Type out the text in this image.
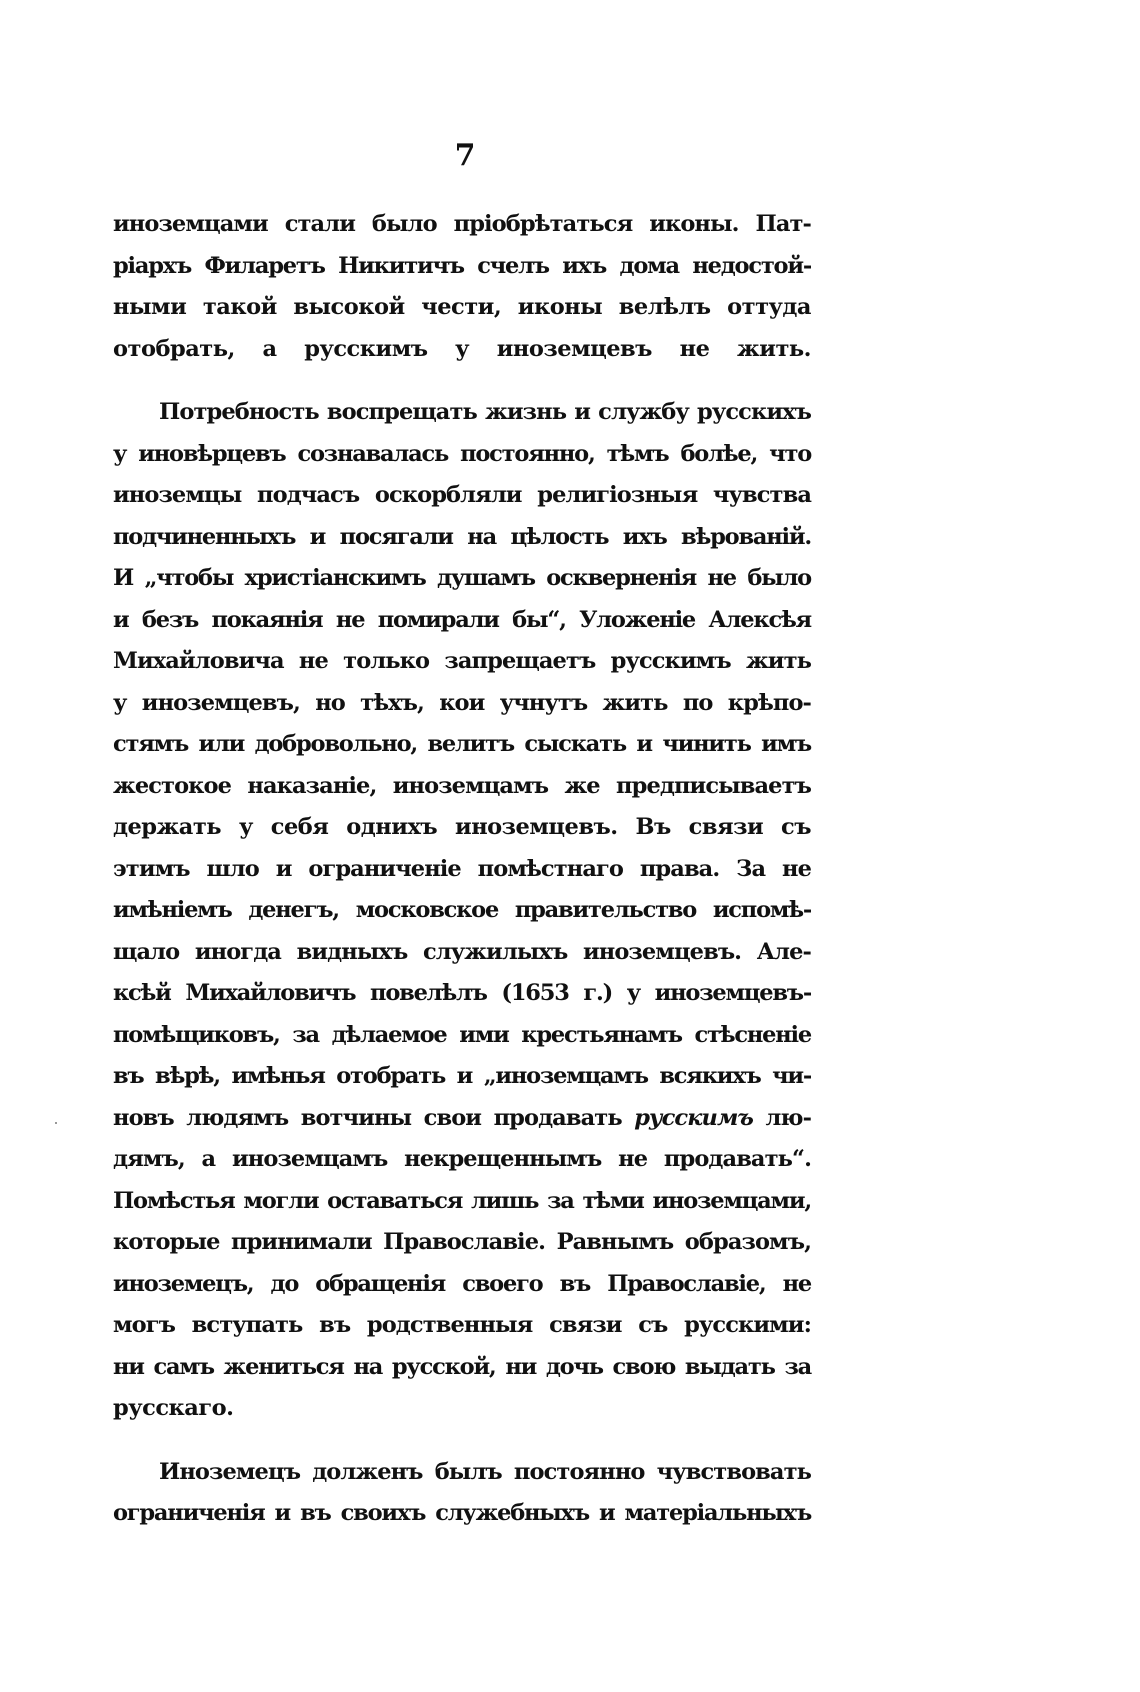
7
иноземцами стали было пріобрѣтаться иконы. Пат-
ріархъ Филаретъ Никитичъ счелъ ихъ дома недостой-
ными такой высокой чести, иконы велѣлъ оттуда
отобрать, а русскимъ у иноземцевъ не жить.
Потребность воспрещать жизнь и службу русскихъ
у иновѣрцевъ сознавалась постоянно, тѣмъ болѣе, что
иноземцы подчасъ оскорбляли религіозныя чувства
подчиненныхъ и посягали на цѣлость ихъ вѣрованій.
И „чтобы христіанскимъ душамъ оскверненія не было
и безъ покаянія не помирали бы“, Уложеніе Алексѣя
Михайловича не только запрещаетъ русскимъ жить
у иноземцевъ, но тѣхъ, кои учнутъ жить по крѣпо-
стямъ или добровольно, велитъ сыскать и чинить имъ
жестокое наказаніе, иноземцамъ же предписываетъ
держать у себя однихъ иноземцевъ. Въ связи съ
этимъ шло и ограниченіе помѣстнаго права. За не
имѣніемъ денегъ, московское правительство испомѣ-
щало иногда видныхъ служилыхъ иноземцевъ. Але-
ксѣй Михайловичъ повелѣлъ (1653 г.) у иноземцевъ-
помѣщиковъ, за дѣлаемое ими крестьянамъ стѣсненіе
въ вѣрѣ, имѣнья отобрать и „иноземцамъ всякихъ чи-
новъ людямъ вотчины свои продавать русскимъ лю-
дямъ, а иноземцамъ некрещеннымъ не продавать“.
Помѣстья могли оставаться лишь за тѣми иноземцами,
которые принимали Православіе. Равнымъ образомъ,
иноземецъ, до обращенія своего въ Православіе, не
могъ вступать въ родственныя связи съ русскими:
ни самъ жениться на русской, ни дочь свою выдать за
русскаго.
Иноземецъ долженъ былъ постоянно чувствовать
ограниченія и въ своихъ служебныхъ и матеріальныхъ
